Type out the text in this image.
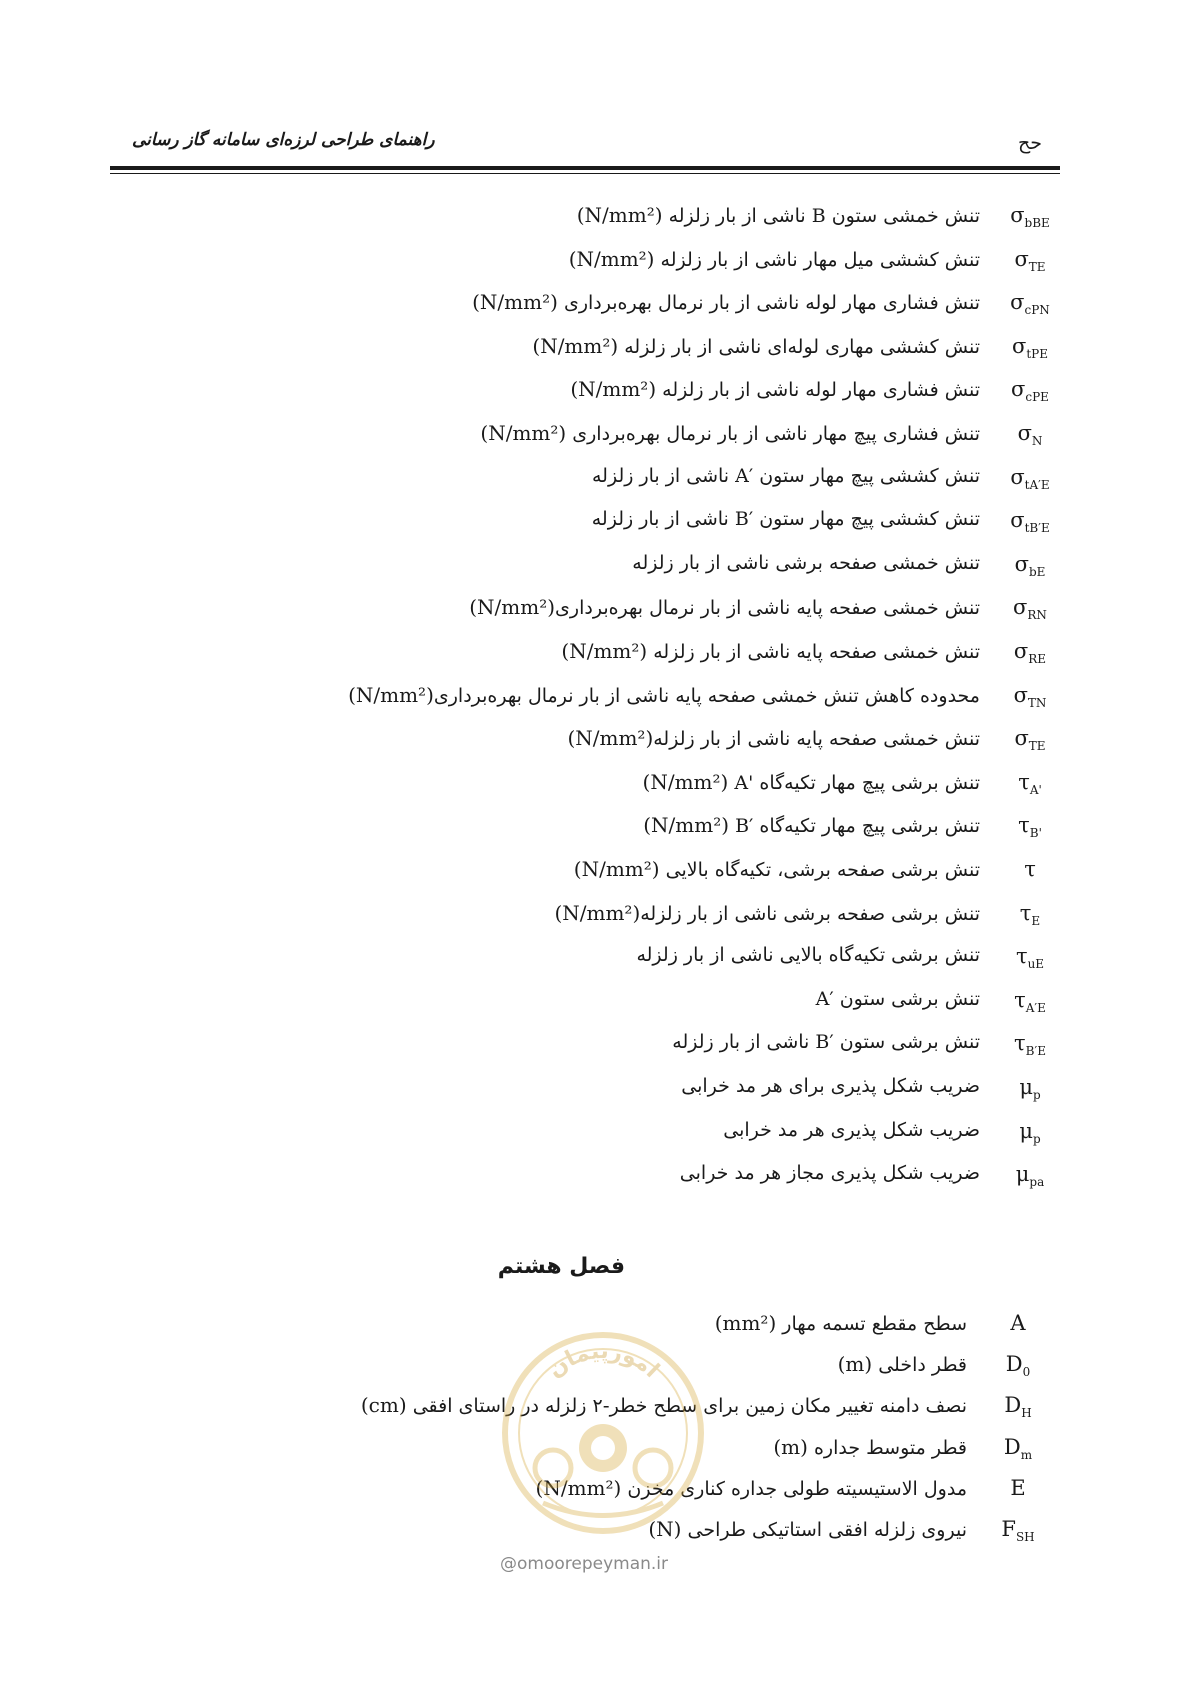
راهنمای طراحی لرزه‌ای سامانه گاز رسانی	حح
$\sigma_{bBE}$
تنش خمشی ستون B ناشی از بار زلزله (N/mm²)
$\sigma_{TE}$
تنش کششی میل مهار ناشی از بار زلزله (N/mm²)
$\sigma_{cPN}$
تنش فشاری مهار لوله ناشی از بار نرمال بهره‌برداری (N/mm²)
$\sigma_{tPE}$
تنش کششی مهاری لوله‌ای ناشی از بار زلزله (N/mm²)
$\sigma_{cPE}$
تنش فشاری مهار لوله ناشی از بار زلزله (N/mm²)
$\sigma_N$
تنش فشاری پیچ مهار ناشی از بار نرمال بهره‌برداری (N/mm²)
$\sigma_{tA'E}$
تنش کششی پیچ مهار ستون A′ ناشی از بار زلزله
$\sigma_{tB'E}$
تنش کششی پیچ مهار ستون B′ ناشی از بار زلزله
$\sigma_{bE}$
تنش خمشی صفحه برشی ناشی از بار زلزله
$\sigma_{RN}$
تنش خمشی صفحه پایه ناشی از بار نرمال بهره‌برداری(N/mm²)
$\sigma_{RE}$
تنش خمشی صفحه پایه ناشی از بار زلزله (N/mm²)
$\sigma_{TN}$
محدوده کاهش تنش خمشی صفحه پایه ناشی از بار نرمال بهره‌برداری(N/mm²)
$\sigma_{TE}$
تنش خمشی صفحه پایه ناشی از بار زلزله(N/mm²)
$\tau_{A'}$
تنش برشی پیچ مهار تکیه‌گاه A' (N/mm²)
$\tau_{B'}$
تنش برشی پیچ مهار تکیه‌گاه B′ (N/mm²)
τ
تنش برشی صفحه برشی، تکیه‌گاه بالایی (N/mm²)
$\tau_E$
تنش برشی صفحه برشی ناشی از بار زلزله(N/mm²)
$\tau_{uE}$
تنش برشی تکیه‌گاه بالایی ناشی از بار زلزله
$\tau_{A'E}$
تنش برشی ستون A′
$\tau_{B'E}$
تنش برشی ستون B′ ناشی از بار زلزله
$\mu_p$
ضریب شکل پذیری برای هر مد خرابی
$\mu_p$
ضریب شکل پذیری هر مد خرابی
$\mu_{pa}$
ضریب شکل پذیری مجاز هر مد خرابی
فصل هشتم
A
سطح مقطع تسمه مهار (mm²)
$D_0$
قطر داخلی (m)
$D_H$
نصف دامنه تغییر مکان زمین برای سطح خطر-۲ زلزله در راستای افقی (cm)
$D_m$
قطر متوسط جداره (m)
E
مدول الاستیسیته طولی جداره کناری مخزن (N/mm²)
$F_{SH}$
نیروی زلزله افقی استاتیکی طراحی (N)
امورپیمان
@omoorepeyman.ir
